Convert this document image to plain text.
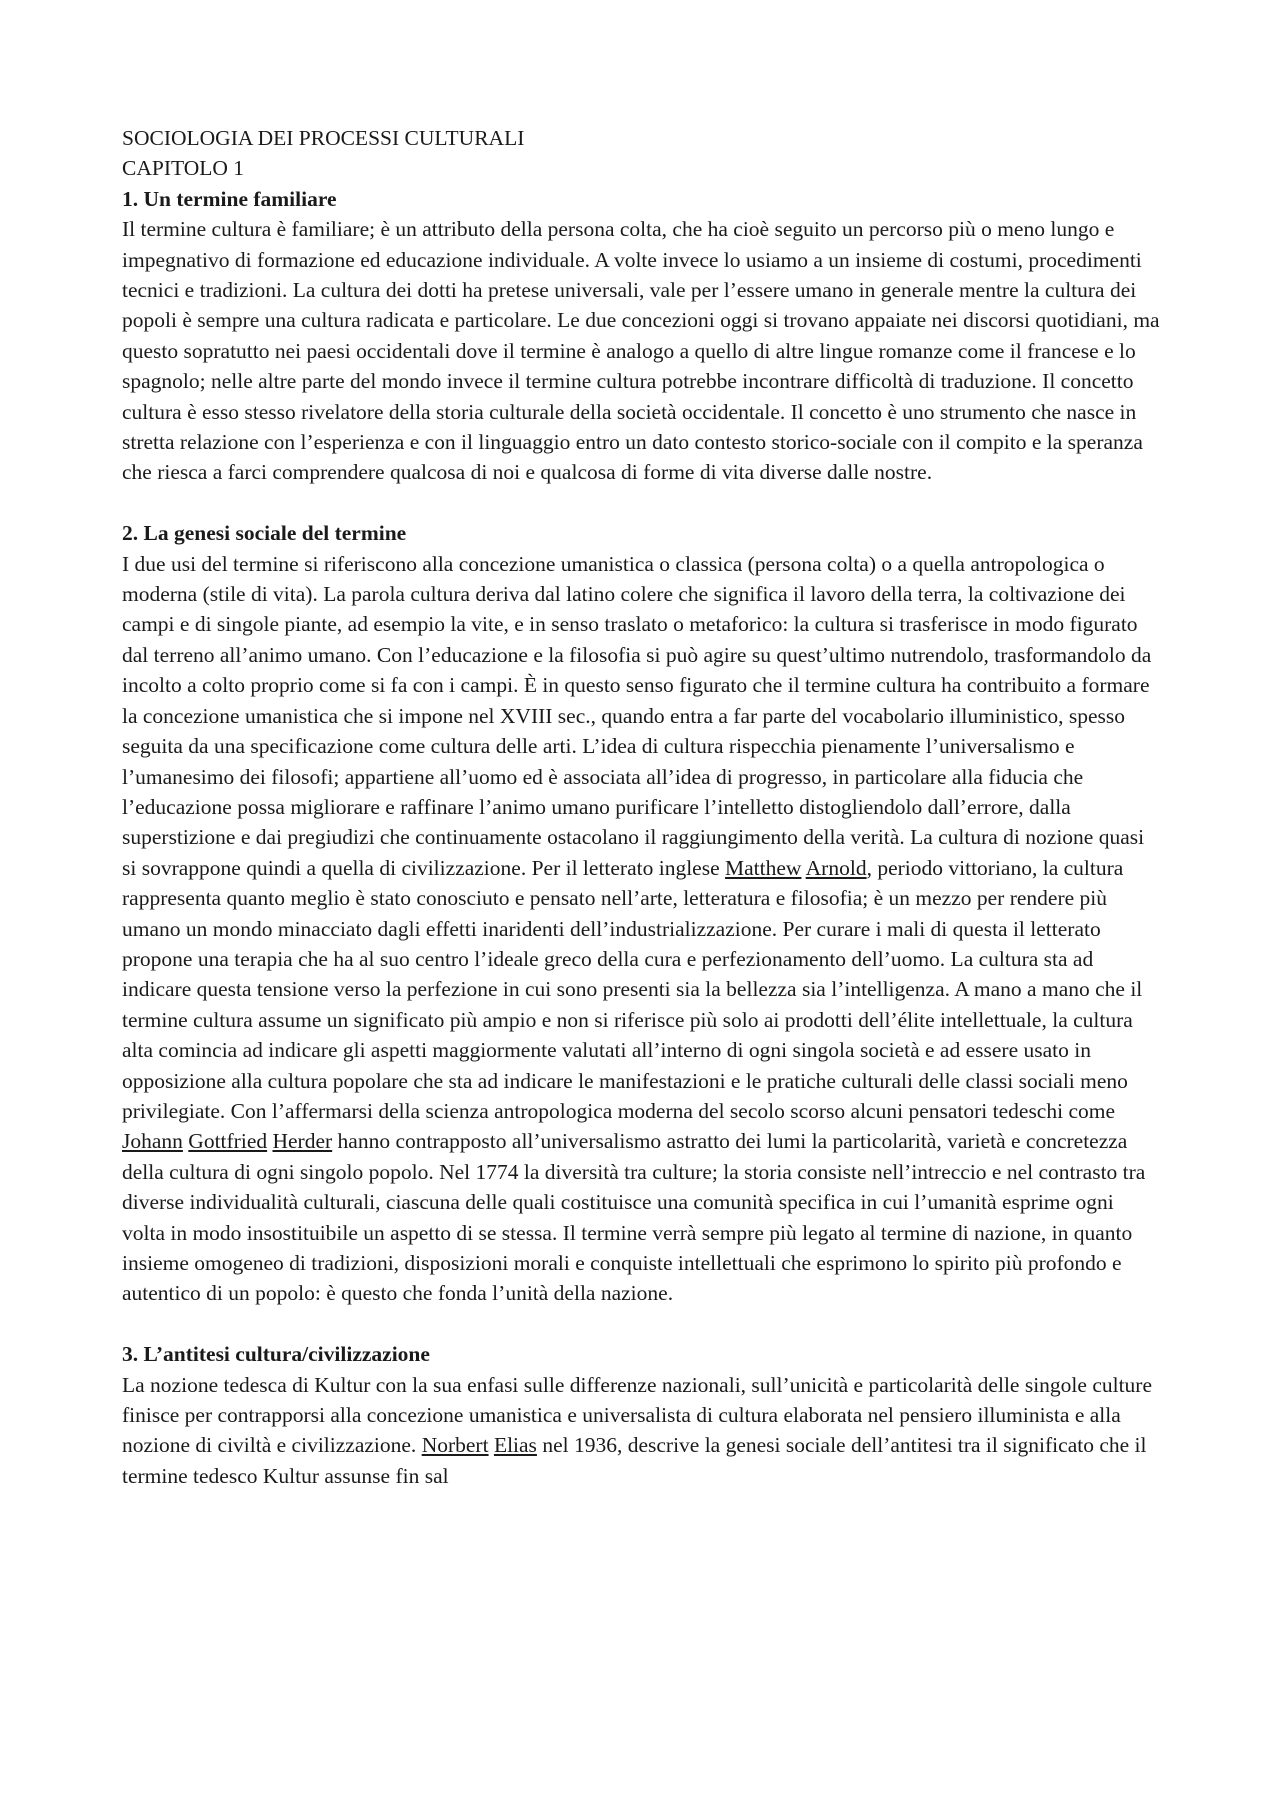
SOCIOLOGIA DEI PROCESSI CULTURALI

CAPITOLO 1

1. Un termine familiare

Il termine cultura è familiare; è un attributo della persona colta, che ha cioè seguito un percorso più o meno lungo e impegnativo di formazione ed educazione individuale. A volte invece lo usiamo a un insieme di costumi, procedimenti tecnici e tradizioni. La cultura dei dotti ha pretese universali, vale per l’essere umano in generale mentre la cultura dei popoli è sempre una cultura radicata e particolare. Le due concezioni oggi si trovano appaiate nei discorsi quotidiani, ma questo sopratutto nei paesi occidentali dove il termine è analogo a quello di altre lingue romanze come il francese e lo spagnolo; nelle altre parte del mondo invece il termine cultura potrebbe incontrare difficoltà di traduzione. Il concetto cultura è esso stesso rivelatore della storia culturale della società occidentale. Il concetto è uno strumento che nasce in stretta relazione con l’esperienza e con il linguaggio entro un dato contesto storico-sociale con il compito e la speranza che riesca a farci comprendere qualcosa di noi e qualcosa di forme di vita diverse dalle nostre.

2. La genesi sociale del termine

I due usi del termine si riferiscono alla concezione umanistica o classica (persona colta) o a quella antropologica o moderna (stile di vita). La parola cultura deriva dal latino colere che significa il lavoro della terra, la coltivazione dei campi e di singole piante, ad esempio la vite, e in senso traslato o metaforico: la cultura si trasferisce in modo figurato dal terreno all’animo umano. Con l’educazione e la filosofia si può agire su quest’ultimo nutrendolo, trasformandolo da incolto a colto proprio come si fa con i campi. È in questo senso figurato che il termine cultura ha contribuito a formare la concezione umanistica che si impone nel XVIII sec., quando entra a far parte del vocabolario illuministico, spesso seguita da una specificazione come cultura delle arti. L’idea di cultura rispecchia pienamente l’universalismo e l’umanesimo dei filosofi; appartiene all’uomo ed è associata all’idea di progresso, in particolare alla fiducia che l’educazione possa migliorare e raffinare l’animo umano purificare l’intelletto distogliendolo dall’errore, dalla superstizione e dai pregiudizi che continuamente ostacolano il raggiungimento della verità. La cultura di nozione quasi si sovrappone quindi a quella di civilizzazione. Per il letterato inglese Matthew Arnold, periodo vittoriano, la cultura rappresenta quanto meglio è stato conosciuto e pensato nell’arte, letteratura e filosofia; è un mezzo per rendere più umano un mondo minacciato dagli effetti inaridenti dell’industrializzazione. Per curare i mali di questa il letterato propone una terapia che ha al suo centro l’ideale greco della cura e perfezionamento dell’uomo. La cultura sta ad indicare questa tensione verso la perfezione in cui sono presenti sia la bellezza sia l’intelligenza. A mano a mano che il termine cultura assume un significato più ampio e non si riferisce più solo ai prodotti dell’élite intellettuale, la cultura alta comincia ad indicare gli aspetti maggiormente valutati all’interno di ogni singola società e ad essere usato in opposizione alla cultura popolare che sta ad indicare le manifestazioni e le pratiche culturali delle classi sociali meno privilegiate. Con l’affermarsi della scienza antropologica moderna del secolo scorso alcuni pensatori tedeschi come Johann Gottfried Herder hanno contrapposto all’universalismo astratto dei lumi la particolarità, varietà e concretezza della cultura di ogni singolo popolo. Nel 1774 la diversità tra culture; la storia consiste nell’intreccio e nel contrasto tra diverse individualità culturali, ciascuna delle quali costituisce una comunità specifica in cui l’umanità esprime ogni volta in modo insostituibile un aspetto di se stessa. Il termine verrà sempre più legato al termine di nazione, in quanto insieme omogeneo di tradizioni, disposizioni morali e conquiste intellettuali che esprimono lo spirito più profondo e autentico di un popolo: è questo che fonda l’unità della nazione.

3. L’antitesi cultura/civilizzazione

La nozione tedesca di Kultur con la sua enfasi sulle differenze nazionali, sull’unicità e particolarità delle singole culture finisce per contrapporsi alla concezione umanistica e universalista di cultura elaborata nel pensiero illuminista e alla nozione di civiltà e civilizzazione. Norbert Elias nel 1936, descrive la genesi sociale dell’antitesi tra il significato che il termine tedesco Kultur assunse fin sal
